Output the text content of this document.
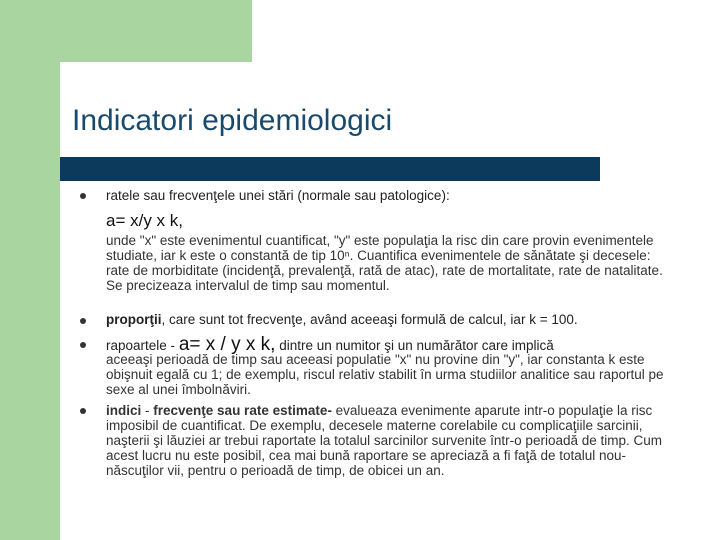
Indicatori epidemiologici
ratele sau frecvenţele unei stări (normale sau patologice):
a= x/y x k,
unde "x" este evenimentul cuantificat, "y" este populaţia la risc din care provin evenimentele studiate, iar k este o constantă de tip 10ⁿ. Cuantifica evenimentele de sănătate şi decesele: rate de morbiditate (incidenţă, prevalenţă, rată de atac), rate de mortalitate, rate de natalitate. Se precizeaza intervalul de timp sau momentul.
proporţii, care sunt tot frecvenţe, având aceeaşi formulă de calcul, iar k = 100.
rapoartele - a= x / y x k, dintre un numitor şi un numărător care implică
aceeaşi perioadă de timp sau aceeasi populatie "x" nu provine din "y", iar constanta k este obişnuit egală cu 1; de exemplu, riscul relativ stabilit în urma studiilor analitice sau raportul pe sexe al unei îmbolnăviri.
indici - frecvenţe sau rate estimate- evalueaza evenimente aparute intr-o populaţie la risc imposibil de cuantificat. De exemplu, decesele materne corelabile cu complicaţiile sarcinii, naşterii şi lăuziei ar trebui raportate la totalul sarcinilor survenite într-o perioadă de timp. Cum acest lucru nu este posibil, cea mai bună raportare se apreciază a fi faţă de totalul nou-născuţilor vii, pentru o perioadă de timp, de obicei un an.
